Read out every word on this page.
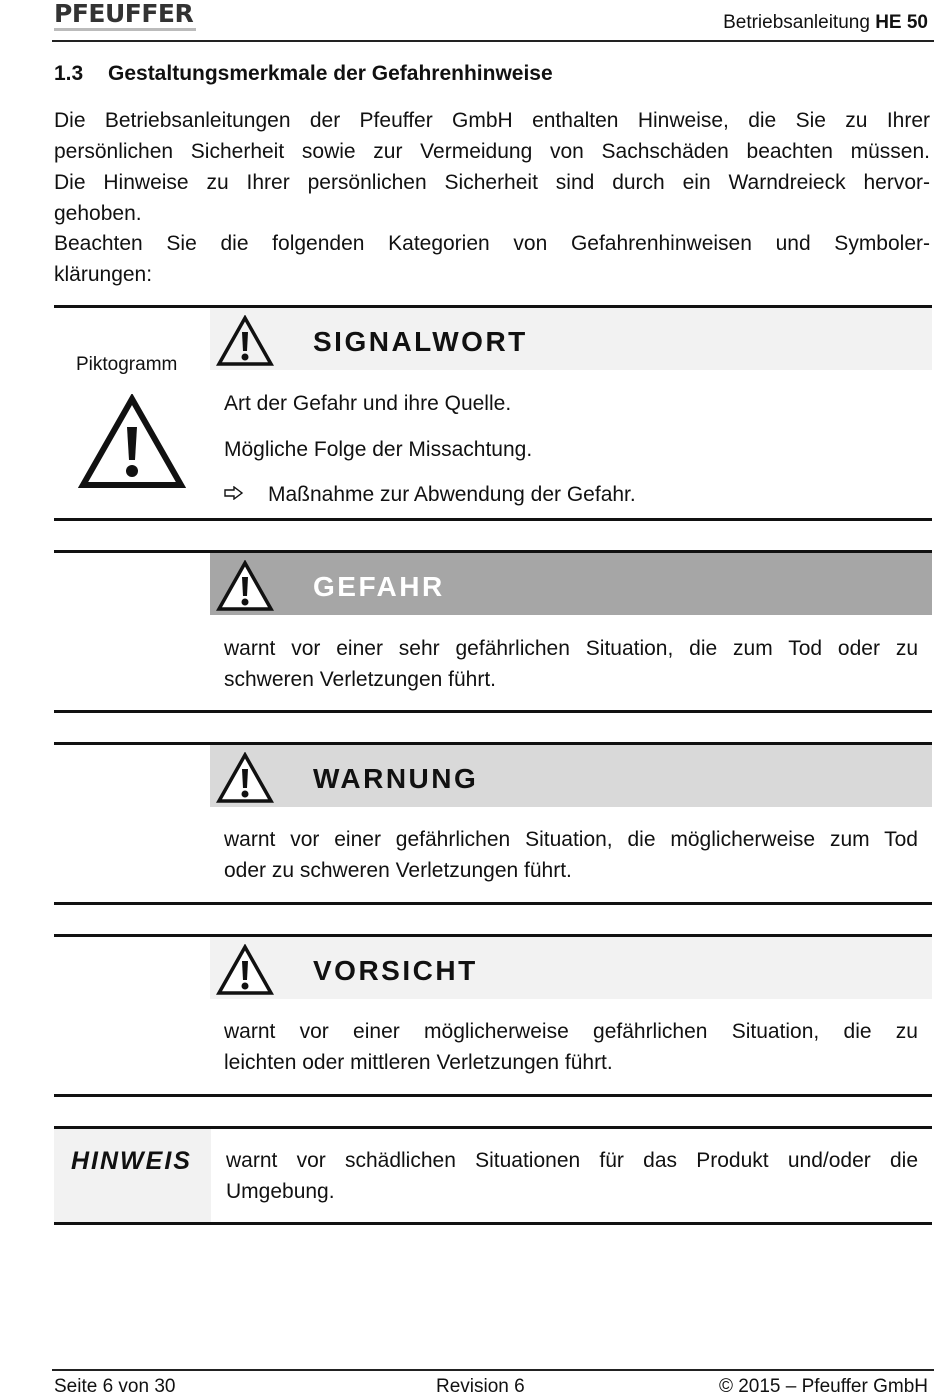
PFEUFFER	Betriebsanleitung HE 50
1.3 Gestaltungsmerkmale der Gefahrenhinweise

Die Betriebsanleitungen der Pfeuffer GmbH enthalten Hinweise, die Sie zu Ihrer

persönlichen Sicherheit sowie zur Vermeidung von Sachschäden beachten müssen.

Die Hinweise zu Ihrer persönlichen Sicherheit sind durch ein Warndreieck hervor-

gehoben.

Beachten Sie die folgenden Kategorien von Gefahrenhinweisen und Symboler-

klärungen:

Piktogramm
SIGNALWORT
Art der Gefahr und ihre Quelle.
Mögliche Folge der Missachtung.
Maßnahme zur Abwendung der Gefahr.
GEFAHR
warnt vor einer sehr gefährlichen Situation, die zum Tod oder zu
schweren Verletzungen führt.
WARNUNG
warnt vor einer gefährlichen Situation, die möglicherweise zum Tod
oder zu schweren Verletzungen führt.
VORSICHT
warnt vor einer möglicherweise gefährlichen Situation, die zu
leichten oder mittleren Verletzungen führt.
HINWEIS warnt vor schädlichen Situationen für das Produkt und/oder die
Umgebung.
Seite 6 von 30	Revision 6	© 2015 – Pfeuffer GmbH
